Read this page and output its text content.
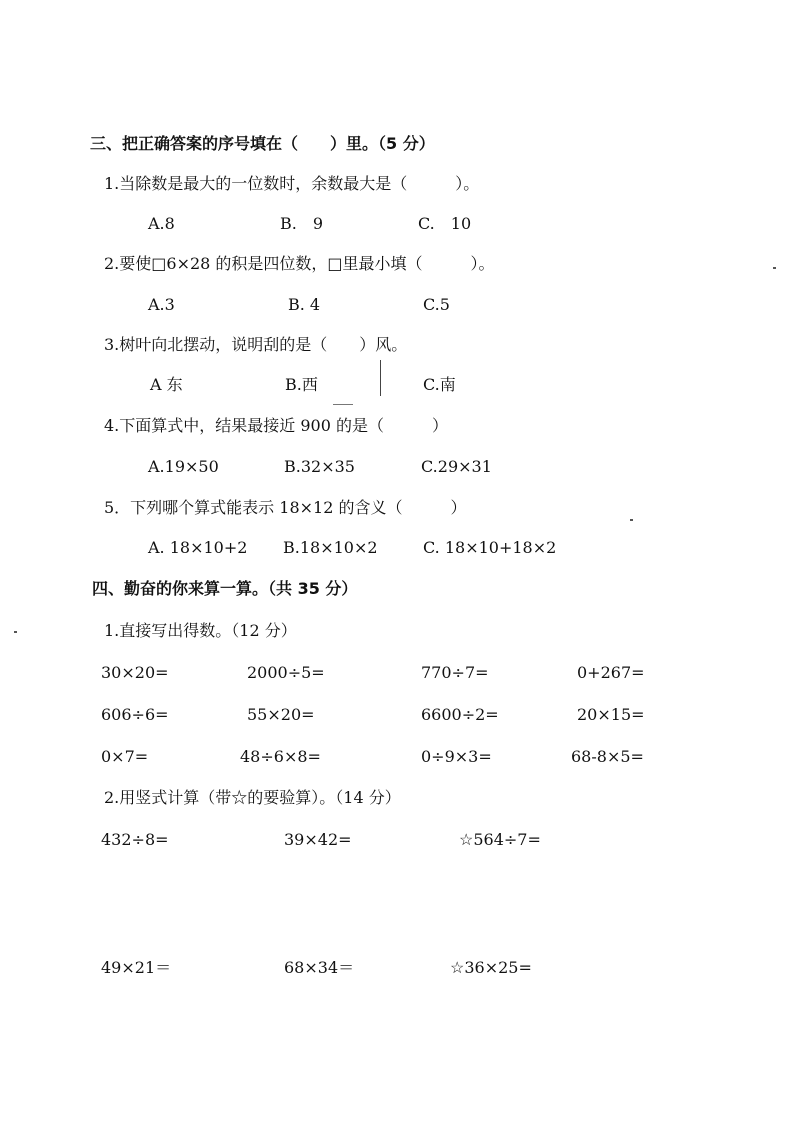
三、把正确答案的序号填在（　　）里。（5 分）
1.当除数是最大的一位数时，余数最大是（　　　）。
A.8	B.　9	C.　10
2.要使□6×28 的积是四位数，□里最小填（　　　）。
A.3	B. 4	C.5
3.树叶向北摆动，说明刮的是（　　）风。
A 东	B.西	C.南
4.下面算式中，结果最接近 900 的是（　　　）
A.19×50	B.32×35	C.29×31
5．下列哪个算式能表示 18×12 的含义（　　　）
A. 18×10+2 B.18×10×2	C. 18×10+18×2
四、勤奋的你来算一算。（共 35 分）
1.直接写出得数。（12 分）
30×20=	2000÷5=	770÷7=	0+267=
606÷6=	55×20=	6600÷2=	20×15=
0×7=	48÷6×8=	0÷9×3=	68-8×5=
2.用竖式计算（带☆的要验算）。（14 分）
432÷8=	39×42=	☆564÷7=
49×21＝	68×34＝	☆36×25=
